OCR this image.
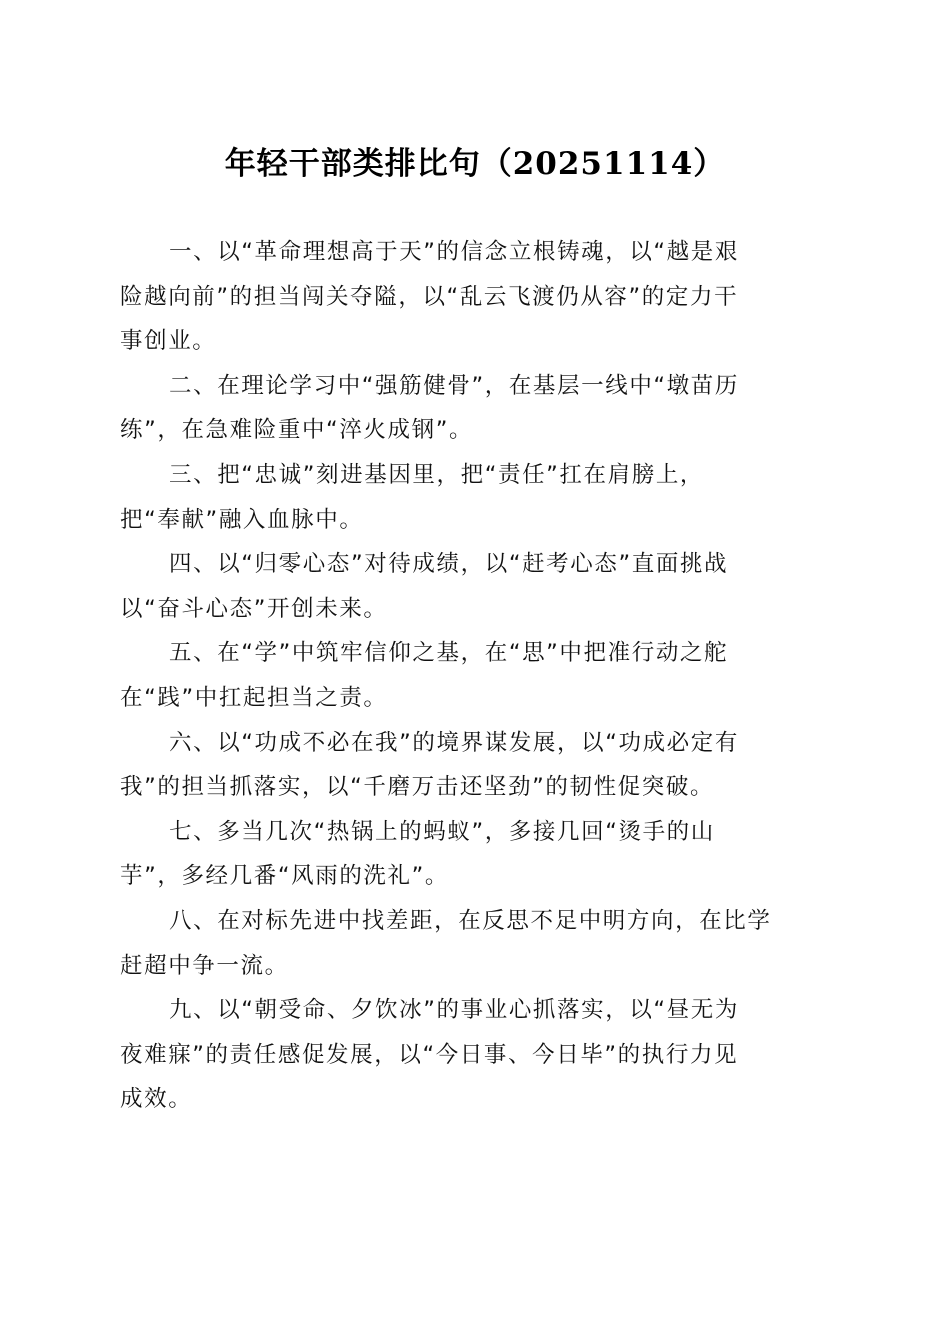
年轻干部类排比句（20251114）
一、以“革命理想高于天”的信念立根铸魂，以“越是艰
险越向前”的担当闯关夺隘，以“乱云飞渡仍从容”的定力干
事创业。
二、在理论学习中“强筋健骨”，在基层一线中“墩苗历
练”，在急难险重中“淬火成钢”。
三、把“忠诚”刻进基因里，把“责任”扛在肩膀上，
把“奉献”融入血脉中。
四、以“归零心态”对待成绩，以“赶考心态”直面挑战
以“奋斗心态”开创未来。
五、在“学”中筑牢信仰之基，在“思”中把准行动之舵
在“践”中扛起担当之责。
六、以“功成不必在我”的境界谋发展，以“功成必定有
我”的担当抓落实，以“千磨万击还坚劲”的韧性促突破。
七、多当几次“热锅上的蚂蚁”，多接几回“烫手的山
芋”，多经几番“风雨的洗礼”。
八、在对标先进中找差距，在反思不足中明方向，在比学
赶超中争一流。
九、以“朝受命、夕饮冰”的事业心抓落实，以“昼无为
夜难寐”的责任感促发展，以“今日事、今日毕”的执行力见
成效。
